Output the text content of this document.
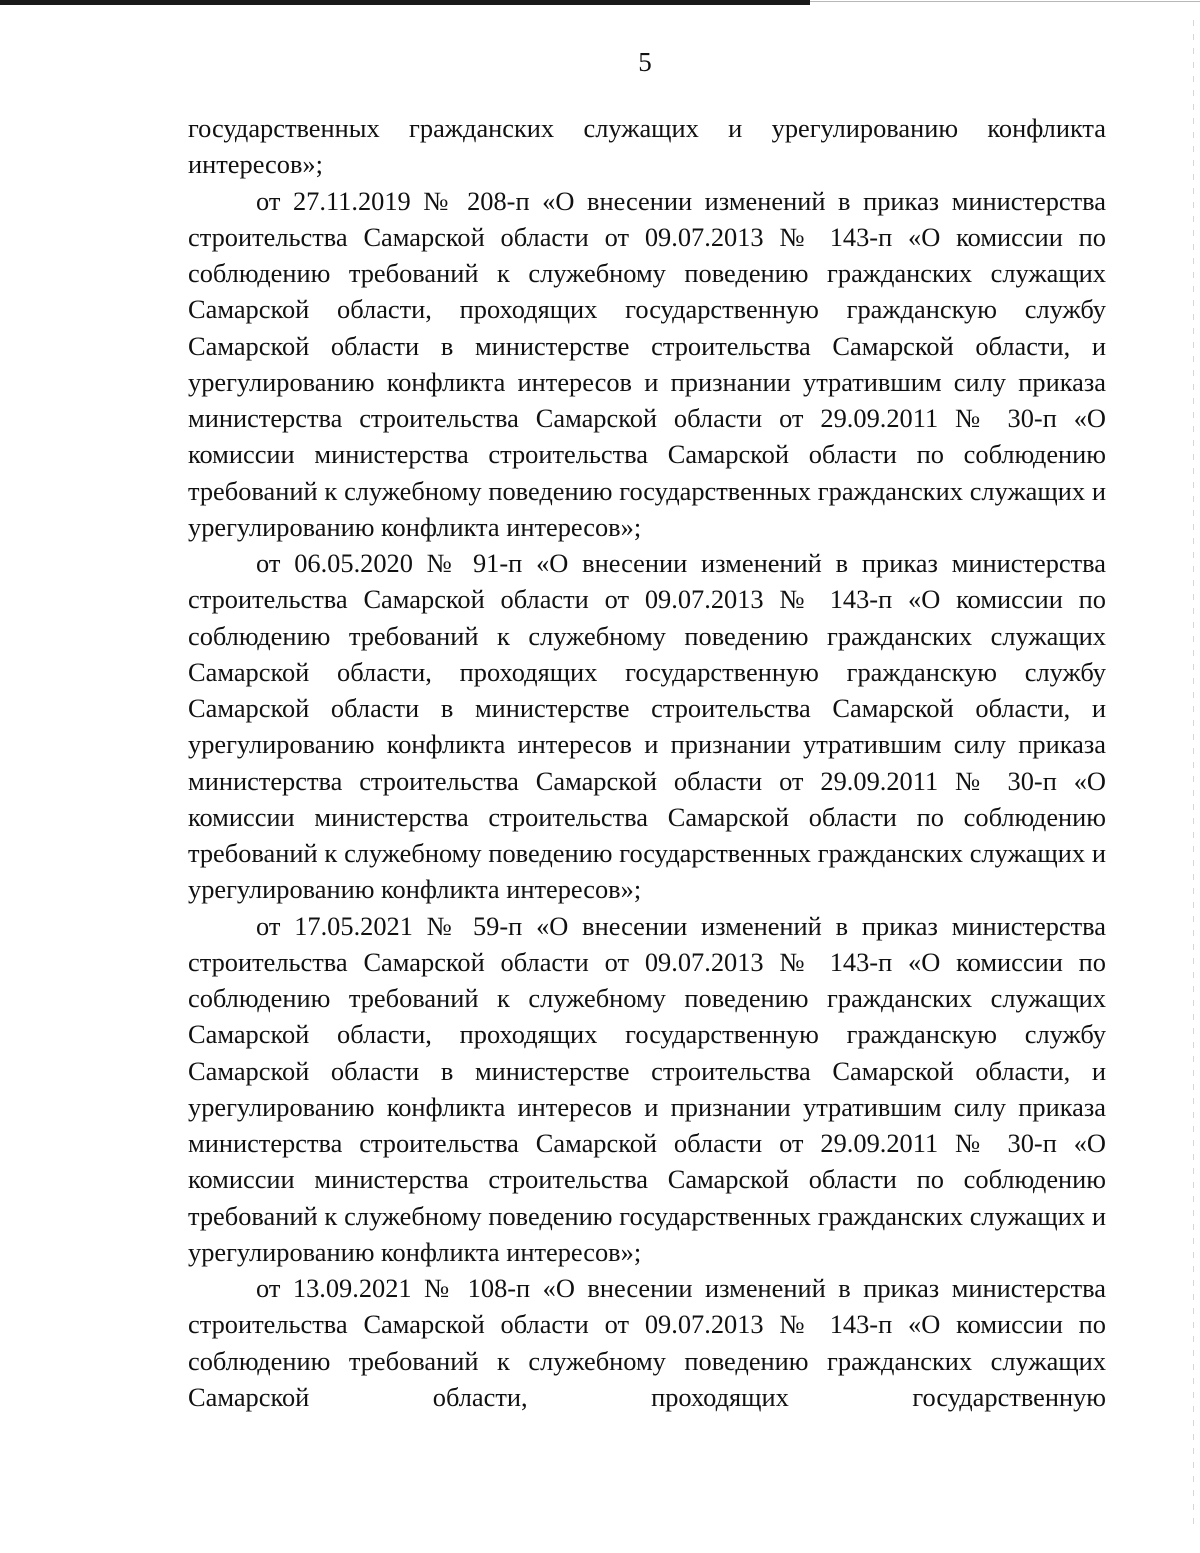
5

государственных гражданских служащих и урегулированию конфликта интересов»;

от 27.11.2019 № 208-п «О внесении изменений в приказ министерства строительства Самарской области от 09.07.2013 № 143-п «О комиссии по соблюдению требований к служебному поведению гражданских служащих Самарской области, проходящих государственную гражданскую службу Самарской области в министерстве строительства Самарской области, и урегулированию конфликта интересов и признании утратившим силу приказа министерства строительства Самарской области от 29.09.2011 № 30-п «О комиссии министерства строительства Самарской области по соблюдению требований к служебному поведению государственных гражданских служащих и урегулированию конфликта интересов»;

от 06.05.2020 № 91-п «О внесении изменений в приказ министерства строительства Самарской области от 09.07.2013 № 143-п «О комиссии по соблюдению требований к служебному поведению гражданских служащих Самарской области, проходящих государственную гражданскую службу Самарской области в министерстве строительства Самарской области, и урегулированию конфликта интересов и признании утратившим силу приказа министерства строительства Самарской области от 29.09.2011 № 30-п «О комиссии министерства строительства Самарской области по соблюдению требований к служебному поведению государственных гражданских служащих и урегулированию конфликта интересов»;

от 17.05.2021 № 59-п «О внесении изменений в приказ министерства строительства Самарской области от 09.07.2013 № 143-п «О комиссии по соблюдению требований к служебному поведению гражданских служащих Самарской области, проходящих государственную гражданскую службу Самарской области в министерстве строительства Самарской области, и урегулированию конфликта интересов и признании утратившим силу приказа министерства строительства Самарской области от 29.09.2011 № 30-п «О комиссии министерства строительства Самарской области по соблюдению требований к служебному поведению государственных гражданских служащих и урегулированию конфликта интересов»;

от 13.09.2021 № 108-п «О внесении изменений в приказ министерства строительства Самарской области от 09.07.2013 № 143-п «О комиссии по соблюдению требований к служебному поведению гражданских служащих Самарской области, проходящих государственную
